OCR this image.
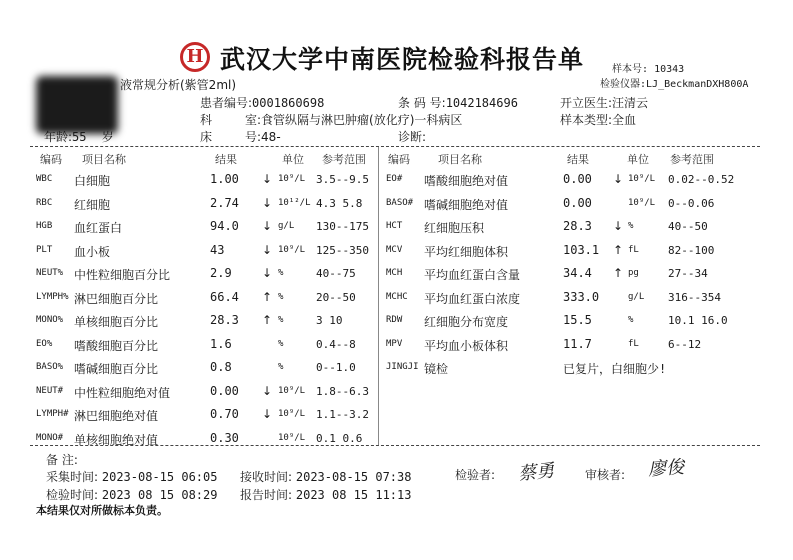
H 武汉大学中南医院检验科报告单	样本号: 10343
检验仪器:LJ_BeckmanDXH800A
液常规分析(紫管2ml)
患者编号:0001860698	条 码 号:1042184696	开立医生:汪清云
科	室:食管纵隔与淋巴肿瘤(放化疗)一科病区	样本类型:全血
年龄:55 岁	床	号:48-	诊断:
编码 项目名称	结果	单位 参考范围 编码	项目名称	结果	单位 参考范围
WBC 白细胞	1.00 ↓ 10⁹/L 3.5--9.5
RBC 红细胞	2.74 ↓ 10¹²/L 4.3 5.8
HGB 血红蛋白	94.0 ↓ g/L 130--175
PLT 血小板	43	↓ 10⁹/L 125--350
NEUT% 中性粒细胞百分比	2.9	↓ %	40--75
LYMPH% 淋巴细胞百分比	66.4 ↑ %	20--50
MONO% 单核细胞百分比	28.3 ↑ %	3 10
EO% 嗜酸细胞百分比	1.6	%	0.4--8
BASO% 嗜碱细胞百分比	0.8	%	0--1.0
NEUT# 中性粒细胞绝对值	0.00 ↓ 10⁹/L 1.8--6.3
LYMPH# 淋巴细胞绝对值	0.70 ↓ 10⁹/L 1.1--3.2
MONO# 单核细胞绝对值	0.30	10⁹/L 0.1 0.6
EO# 嗜酸细胞绝对值	0.00 ↓ 10⁹/L 0.02--0.52
BASO# 嗜碱细胞绝对值	0.00	10⁹/L 0--0.06
HCT 红细胞压积	28.3 ↓ %	40--50
MCV 平均红细胞体积	103.1 ↑ fL	82--100
MCH 平均血红蛋白含量	34.4 ↑ pg	27--34
MCHC 平均血红蛋白浓度	333.0	g/L 316--354
RDW 红细胞分布宽度	15.5	%	10.1 16.0
MPV 平均血小板体积	11.7	fL	6--12
JINGJI 镜检	已复片，白细胞少!
备 注:
采集时间: 2023-08-15 06:05 接收时间: 2023-08-15 07:38
检验时间: 2023 08 15 08:29 报告时间: 2023 08 15 11:13
检验者: 蔡勇 审核者: 廖俊
本结果仅对所做标本负责。
